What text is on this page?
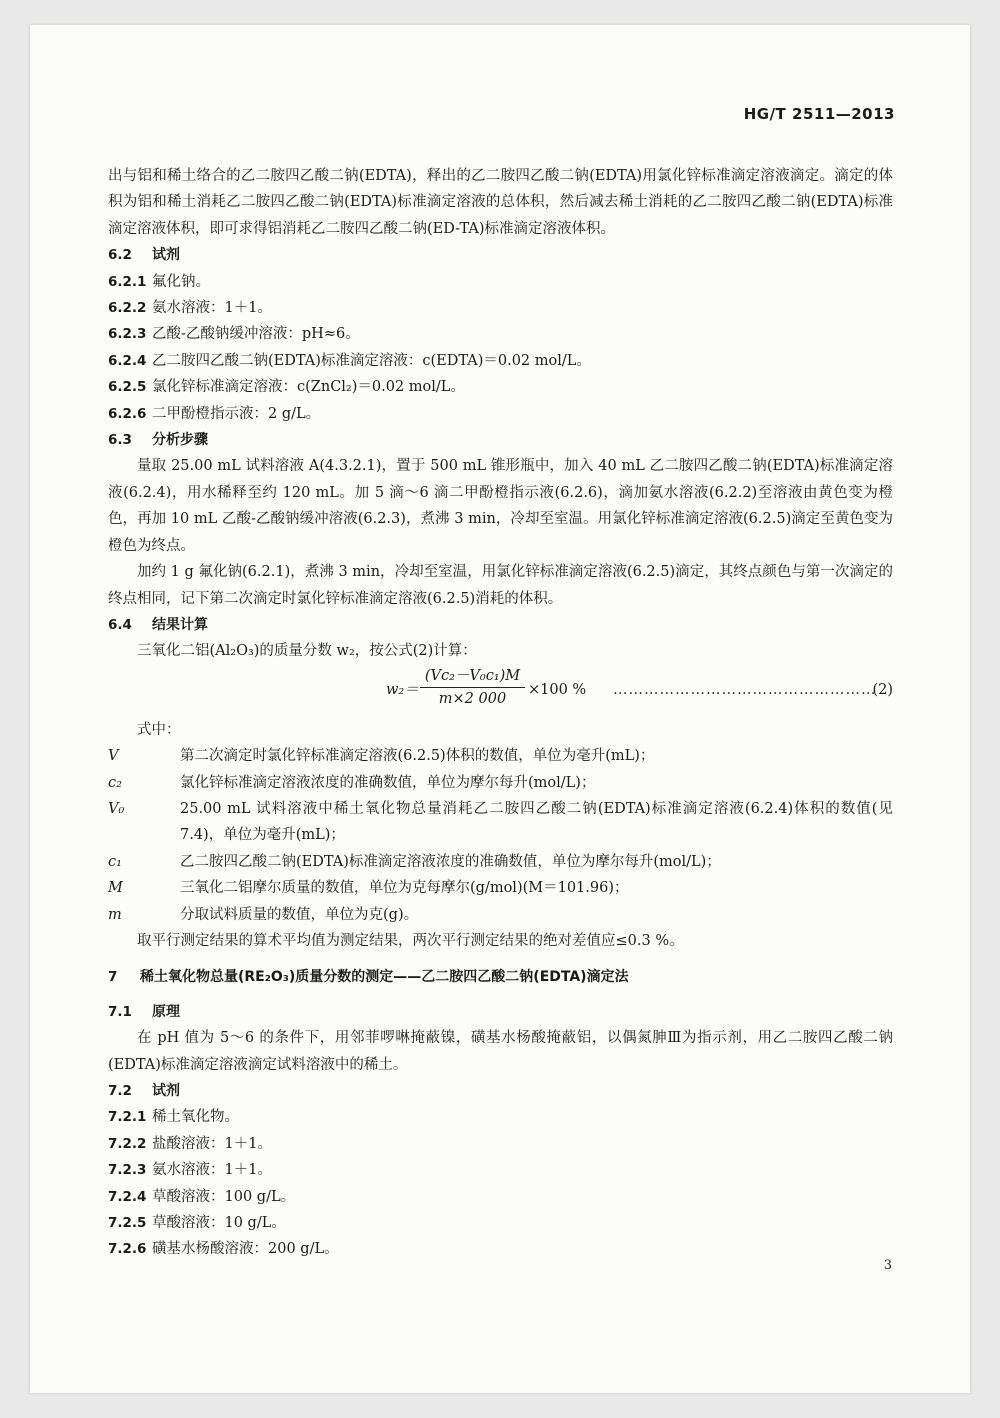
HG/T 2511—2013

出与铝和稀土络合的乙二胺四乙酸二钠(EDTA)，释出的乙二胺四乙酸二钠(EDTA)用氯化锌标准滴定溶液滴定。滴定的体积为铝和稀土消耗乙二胺四乙酸二钠(EDTA)标准滴定溶液的总体积，然后减去稀土消耗的乙二胺四乙酸二钠(EDTA)标准滴定溶液体积，即可求得铝消耗乙二胺四乙酸二钠(ED-TA)标准滴定溶液体积。

6.2 试剂

6.2.1 氟化钠。

6.2.2 氨水溶液：1＋1。

6.2.3 乙酸-乙酸钠缓冲溶液：pH≈6。

6.2.4 乙二胺四乙酸二钠(EDTA)标准滴定溶液：c(EDTA)＝0.02 mol/L。

6.2.5 氯化锌标准滴定溶液：c(ZnCl₂)＝0.02 mol/L。

6.2.6 二甲酚橙指示液：2 g/L。

6.3 分析步骤

量取 25.00 mL 试料溶液 A(4.3.2.1)，置于 500 mL 锥形瓶中，加入 40 mL 乙二胺四乙酸二钠(EDTA)标准滴定溶液(6.2.4)，用水稀释至约 120 mL。加 5 滴～6 滴二甲酚橙指示液(6.2.6)，滴加氨水溶液(6.2.2)至溶液由黄色变为橙色，再加 10 mL 乙酸-乙酸钠缓冲溶液(6.2.3)，煮沸 3 min，冷却至室温。用氯化锌标准滴定溶液(6.2.5)滴定至黄色变为橙色为终点。

加约 1 g 氟化钠(6.2.1)，煮沸 3 min，冷却至室温，用氯化锌标准滴定溶液(6.2.5)滴定，其终点颜色与第一次滴定的终点相同，记下第二次滴定时氯化锌标准滴定溶液(6.2.5)消耗的体积。

6.4 结果计算

三氧化二铝(Al₂O₃)的质量分数 w₂，按公式(2)计算：

$w_2= \frac{\text{(Vc₂－V₀c₁)M}}{m\times 2 000} \times 100$ % ……………………………………………
(2)

式中：

V	第二次滴定时氯化锌标准滴定溶液(6.2.5)体积的数值，单位为毫升(mL)；
c₂	氯化锌标准滴定溶液浓度的准确数值，单位为摩尔每升(mol/L)；
V₀	25.00 mL 试料溶液中稀土氧化物总量消耗乙二胺四乙酸二钠(EDTA)标准滴定溶液(6.2.4)体积的数值(见 7.4)，单位为毫升(mL)；
c₁	乙二胺四乙酸二钠(EDTA)标准滴定溶液浓度的准确数值，单位为摩尔每升(mol/L)；
M	三氧化二铝摩尔质量的数值，单位为克每摩尔(g/mol)(M＝101.96)；
m	分取试料质量的数值，单位为克(g)。

取平行测定结果的算术平均值为测定结果，两次平行测定结果的绝对差值应≤0.3 %。

7 稀土氧化物总量(RE₂O₃)质量分数的测定——乙二胺四乙酸二钠(EDTA)滴定法

7.1 原理

在 pH 值为 5～6 的条件下，用邻菲啰啉掩蔽镍，磺基水杨酸掩蔽铝，以偶氮胂Ⅲ为指示剂，用乙二胺四乙酸二钠(EDTA)标准滴定溶液滴定试料溶液中的稀土。

7.2 试剂

7.2.1 稀土氧化物。

7.2.2 盐酸溶液：1＋1。

7.2.3 氨水溶液：1＋1。

7.2.4 草酸溶液：100 g/L。

7.2.5 草酸溶液：10 g/L。

7.2.6 磺基水杨酸溶液：200 g/L。

3
